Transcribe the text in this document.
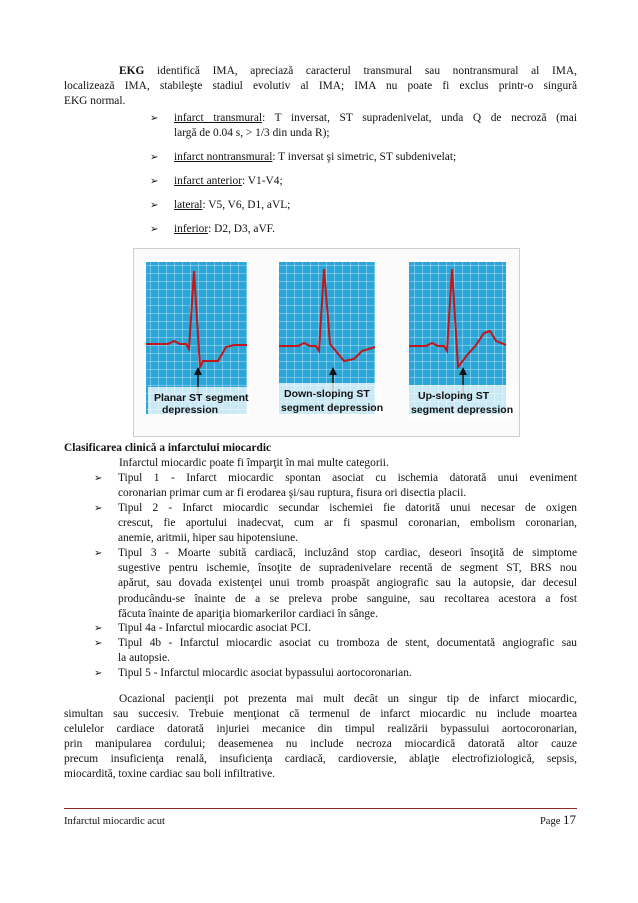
EKG identifică IMA, apreciază caracterul transmural sau nontransmural al IMA,
localizează IMA, stabileşte stadiul evolutiv al IMA; IMA nu poate fi exclus printr-o singură
EKG normal.
➢ infarct transmural: T inversat, ST supradenivelat, unda Q de necroză (mai
largă de 0.04 s, > 1/3 din unda R);
➢ infarct nontransmural: T inversat şi simetric, ST subdenivelat;
➢ infarct anterior: V1-V4;
➢ lateral: V5, V6, D1, aVL;
➢ inferior: D2, D3, aVF.
Planar ST segment
depression
Down-sloping ST
segment depression
Up-sloping ST
segment depression
Clasificarea clinică a infarctului miocardic
Infarctul miocardic poate fi împarţit în mai multe categorii.
➢ Tipul 1 - Infarct miocardic spontan asociat cu ischemia datorată unui eveniment
coronarian primar cum ar fi erodarea şi/sau ruptura, fisura ori disectia placii.
➢ Tipul 2 - Infarct miocardic secundar ischemiei fie datorită unui necesar de oxigen
crescut, fie aportului inadecvat, cum ar fi spasmul coronarian, embolism coronarian,
anemie, aritmii, hiper sau hipotensiune.
➢ Tipul 3 - Moarte subită cardiacă, incluzând stop cardiac, deseori însoţită de simptome
sugestive pentru ischemie, însoţite de supradenivelare recentă de segment ST, BRS nou
apărut, sau dovada existenţei unui tromb proaspăt angiografic sau la autopsie, dar decesul
producându-se înainte de a se preleva probe sanguine, sau recoltarea acestora a fost
făcuta înainte de apariţia biomarkerilor cardiaci în sânge.
➢ Tipul 4a - Infarctul miocardic asociat PCI.
➢ Tipul 4b - Infarctul miocardic asociat cu tromboza de stent, documentată angiografic sau
la autopsie.
➢ Tipul 5 - Infarctul miocardic asociat bypassului aortocoronarian.
Ocazional pacienţii pot prezenta mai mult decât un singur tip de infarct miocardic,
simultan sau succesiv. Trebuie menţionat că termenul de infarct miocardic nu include moartea
celulelor cardiace datorată injuriei mecanice din timpul realizării bypassului aortocoronarian,
prin manipularea cordului; deasemenea nu include necroza miocardică datorată altor cauze
precum insuficienţa renală, insuficienţa cardiacă, cardioversie, ablaţie electrofiziologică, sepsis,
miocardită, toxine cardiac sau boli infiltrative.
Infarctul miocardic acut	Page 17
